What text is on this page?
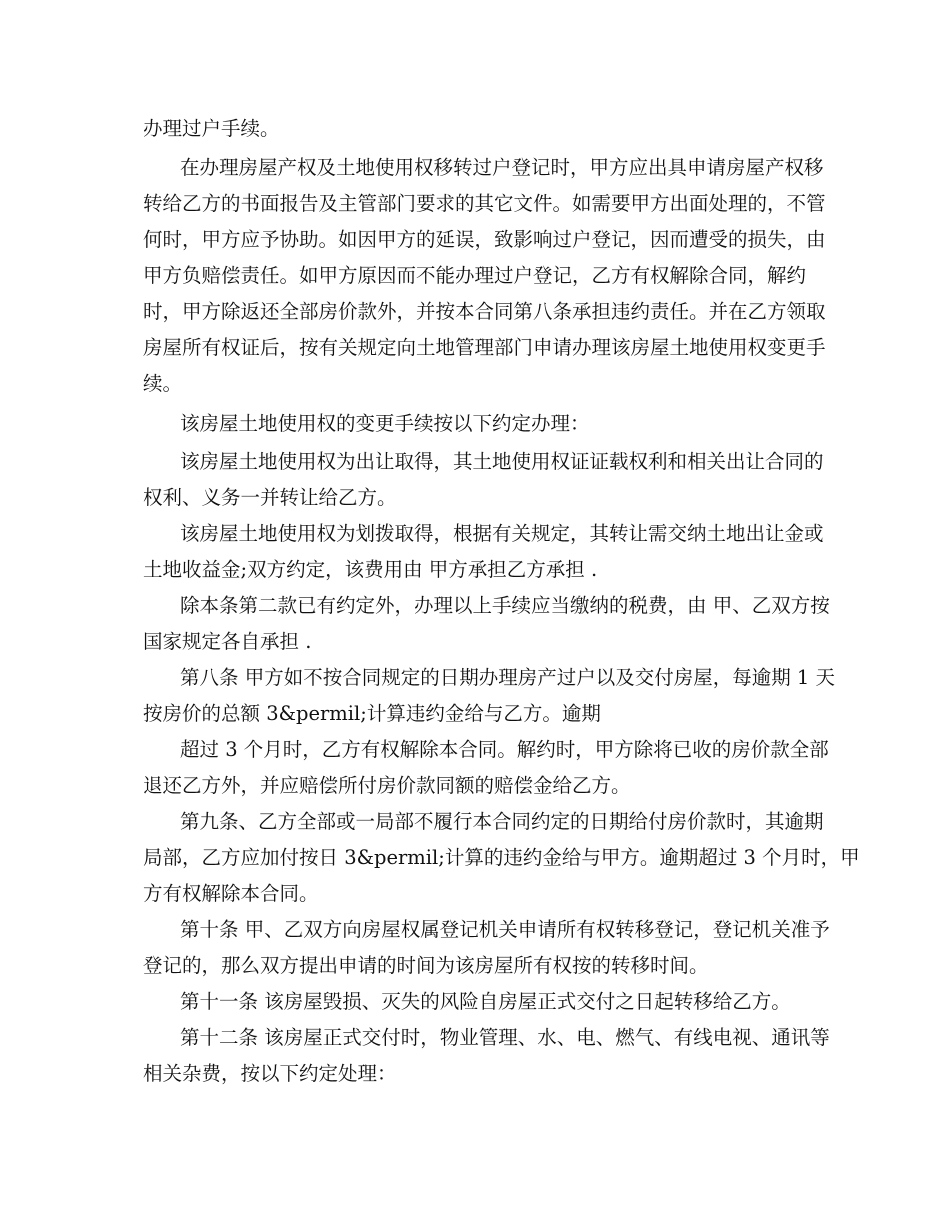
办理过户手续。
在办理房屋产权及土地使用权移转过户登记时，甲方应出具申请房屋产权移
转给乙方的书面报告及主管部门要求的其它文件。如需要甲方出面处理的，不管
何时，甲方应予协助。如因甲方的延误，致影响过户登记，因而遭受的损失，由
甲方负赔偿责任。如甲方原因而不能办理过户登记，乙方有权解除合同，解约
时，甲方除返还全部房价款外，并按本合同第八条承担违约责任。并在乙方领取
房屋所有权证后，按有关规定向土地管理部门申请办理该房屋土地使用权变更手
续。
该房屋土地使用权的变更手续按以下约定办理：
该房屋土地使用权为出让取得，其土地使用权证证载权利和相关出让合同的
权利、义务一并转让给乙方。
该房屋土地使用权为划拨取得，根据有关规定，其转让需交纳土地出让金或
土地收益金;双方约定，该费用由 甲方承担乙方承担 .
除本条第二款已有约定外，办理以上手续应当缴纳的税费，由 甲、乙双方按
国家规定各自承担 .
第八条 甲方如不按合同规定的日期办理房产过户以及交付房屋，每逾期 1 天
按房价的总额 3&permil;计算违约金给与乙方。逾期
超过 3 个月时，乙方有权解除本合同。解约时，甲方除将已收的房价款全部
退还乙方外，并应赔偿所付房价款同额的赔偿金给乙方。
第九条、乙方全部或一局部不履行本合同约定的日期给付房价款时，其逾期
局部，乙方应加付按日 3&permil;计算的违约金给与甲方。逾期超过 3 个月时，甲
方有权解除本合同。
第十条 甲、乙双方向房屋权属登记机关申请所有权转移登记，登记机关准予
登记的，那么双方提出申请的时间为该房屋所有权按的转移时间。
第十一条 该房屋毁损、灭失的风险自房屋正式交付之日起转移给乙方。
第十二条 该房屋正式交付时，物业管理、水、电、燃气、有线电视、通讯等
相关杂费，按以下约定处理：
